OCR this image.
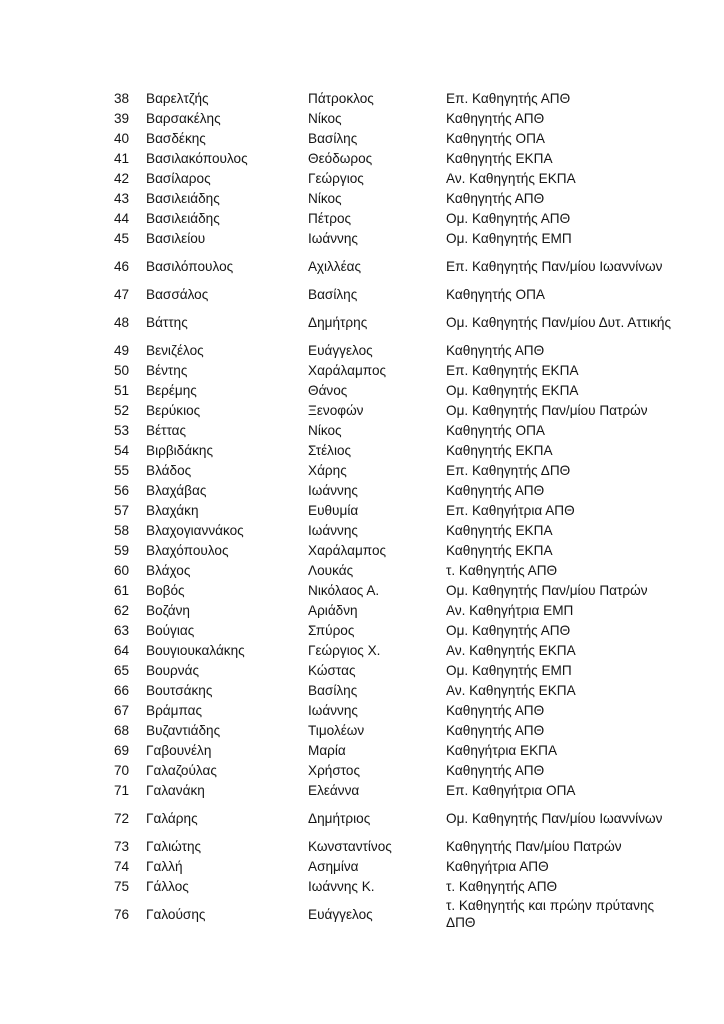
38	Βαρελτζής	Πάτροκλος	Επ. Καθηγητής ΑΠΘ
39	Βαρσακέλης	Νίκος	Καθηγητής ΑΠΘ
40	Βασδέκης	Βασίλης	Καθηγητής ΟΠΑ
41	Βασιλακόπουλος	Θεόδωρος	Καθηγητής ΕΚΠΑ
42	Βασίλαρος	Γεώργιος	Αν. Καθηγητής ΕΚΠΑ
43	Βασιλειάδης	Νίκος	Καθηγητής ΑΠΘ
44	Βασιλειάδης	Πέτρος	Ομ. Καθηγητής ΑΠΘ
45	Βασιλείου	Ιωάννης	Ομ. Καθηγητής ΕΜΠ
46	Βασιλόπουλος	Αχιλλέας	Επ. Καθηγητής Παν/μίου Ιωαννίνων
47	Βασσάλος	Βασίλης	Καθηγητής ΟΠΑ
48	Βάττης	Δημήτρης	Ομ. Καθηγητής Παν/μίου Δυτ. Αττικής
49	Βενιζέλος	Ευάγγελος	Καθηγητής ΑΠΘ
50	Βέντης	Χαράλαμπος	Επ. Καθηγητής ΕΚΠΑ
51	Βερέμης	Θάνος	Ομ. Καθηγητής ΕΚΠΑ
52	Βερύκιος	Ξενοφών	Ομ. Καθηγητής Παν/μίου Πατρών
53	Βέττας	Νίκος	Καθηγητής ΟΠΑ
54	Βιρβιδάκης	Στέλιος	Καθηγητής ΕΚΠΑ
55	Βλάδος	Χάρης	Επ. Καθηγητής ΔΠΘ
56	Βλαχάβας	Ιωάννης	Καθηγητής ΑΠΘ
57	Βλαχάκη	Ευθυμία	Επ. Καθηγήτρια ΑΠΘ
58	Βλαχογιαννάκος	Ιωάννης	Καθηγητής ΕΚΠΑ
59	Βλαχόπουλος	Χαράλαμπος	Καθηγητής ΕΚΠΑ
60	Βλάχος	Λουκάς	τ. Καθηγητής ΑΠΘ
61	Βοβός	Νικόλαος Α.	Ομ. Καθηγητής Παν/μίου Πατρών
62	Βοζάνη	Αριάδνη	Αν. Καθηγήτρια ΕΜΠ
63	Βούγιας	Σπύρος	Ομ. Καθηγητής ΑΠΘ
64	Βουγιουκαλάκης	Γεώργιος Χ.	Αν. Καθηγητής ΕΚΠΑ
65	Βουρνάς	Κώστας	Ομ. Καθηγητής ΕΜΠ
66	Βουτσάκης	Βασίλης	Αν. Καθηγητής ΕΚΠΑ
67	Βράμπας	Ιωάννης	Καθηγητής ΑΠΘ
68	Βυζαντιάδης	Τιμολέων	Καθηγητής ΑΠΘ
69	Γαβουνέλη	Μαρία	Καθηγήτρια ΕΚΠΑ
70	Γαλαζούλας	Χρήστος	Καθηγητής ΑΠΘ
71	Γαλανάκη	Ελεάννα	Επ. Καθηγήτρια ΟΠΑ
72	Γαλάρης	Δημήτριος	Ομ. Καθηγητής Παν/μίου Ιωαννίνων
73	Γαλιώτης	Κωνσταντίνος	Καθηγητής Παν/μίου Πατρών
74	Γαλλή	Ασημίνα	Καθηγήτρια ΑΠΘ
75	Γάλλος	Ιωάννης Κ.	τ. Καθηγητής ΑΠΘ
76	Γαλούσης	Ευάγγελος	τ. Καθηγητής και πρώην πρύτανης ΔΠΘ
